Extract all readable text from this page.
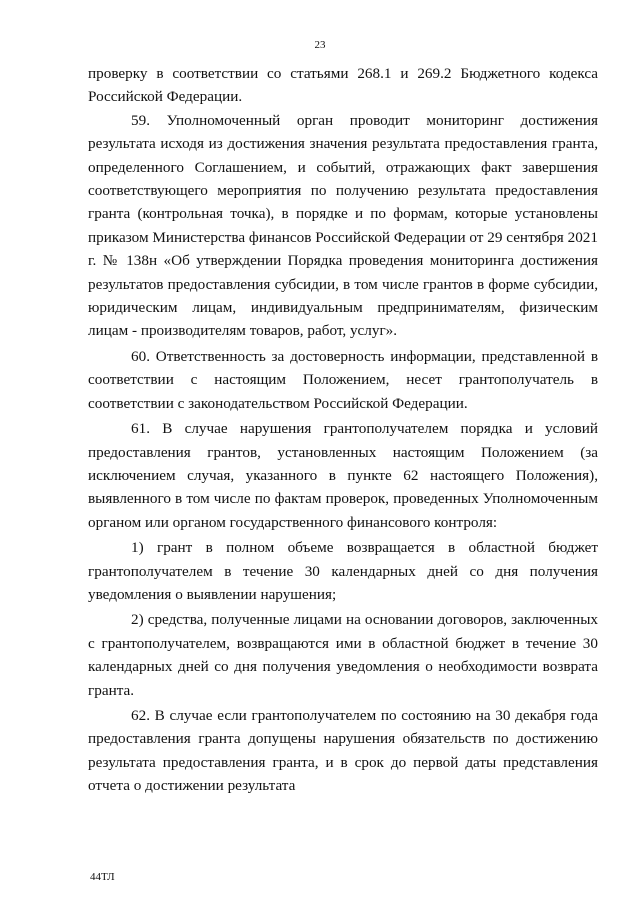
23

проверку в соответствии со статьями 268.1 и 269.2 Бюджетного кодекса Российской Федерации.

59. Уполномоченный орган проводит мониторинг достижения результата исходя из достижения значения результата предоставления гранта, определенного Соглашением, и событий, отражающих факт завершения соответствующего мероприятия по получению результата предоставления гранта (контрольная точка), в порядке и по формам, которые установлены приказом Министерства финансов Российской Федерации от 29 сентября 2021 г. № 138н «Об утверждении Порядка проведения мониторинга достижения результатов предоставления субсидии, в том числе грантов в форме субсидии, юридическим лицам, индивидуальным предпринимателям, физическим лицам - производителям товаров, работ, услуг».

60. Ответственность за достоверность информации, представленной в соответствии с настоящим Положением, несет грантополучатель в соответствии с законодательством Российской Федерации.

61. В случае нарушения грантополучателем порядка и условий предоставления грантов, установленных настоящим Положением (за исключением случая, указанного в пункте 62 настоящего Положения), выявленного в том числе по фактам проверок, проведенных Уполномоченным органом или органом государственного финансового контроля:

1) грант в полном объеме возвращается в областной бюджет грантополучателем в течение 30 календарных дней со дня получения уведомления о выявлении нарушения;

2) средства, полученные лицами на основании договоров, заключенных с грантополучателем, возвращаются ими в областной бюджет в течение 30 календарных дней со дня получения уведомления о необходимости возврата гранта.

62. В случае если грантополучателем по состоянию на 30 декабря года предоставления гранта допущены нарушения обязательств по достижению результата предоставления гранта, и в срок до первой даты представления отчета о достижении результата

44ТЛ
